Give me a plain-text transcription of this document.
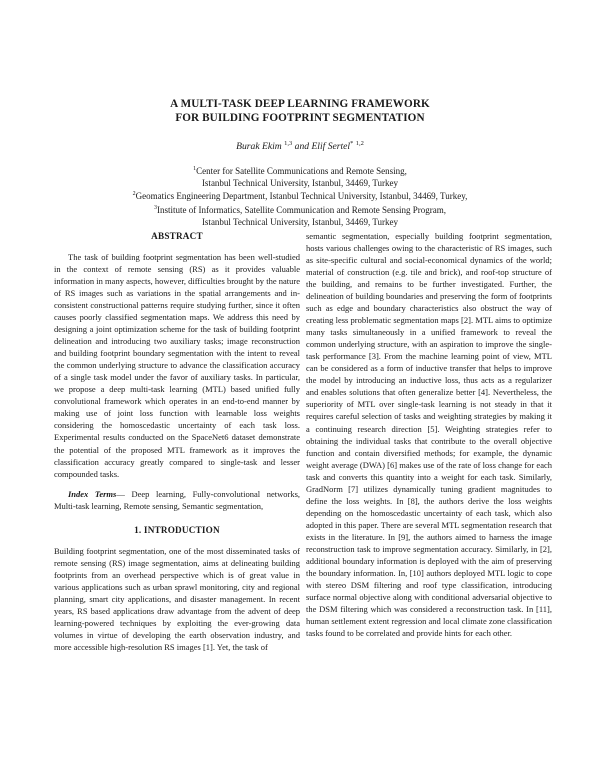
A MULTI-TASK DEEP LEARNING FRAMEWORK
FOR BUILDING FOOTPRINT SEGMENTATION
Burak Ekim $^{1,3}$ and Elif Sertel* $^{1,2}$
$^1$Center for Satellite Communications and Remote Sensing,
Istanbul Technical University, Istanbul, 34469, Turkey
$^2$Geomatics Engineering Department, Istanbul Technical University, Istanbul, 34469, Turkey,
$^3$Institute of Informatics, Satellite Communication and Remote Sensing Program,
Istanbul Technical University, Istanbul, 34469, Turkey
ABSTRACT

The task of building footprint segmentation has been well-studied in the context of remote sensing (RS) as it provides valuable information in many aspects, however, difficulties brought by the nature of RS images such as variations in the spatial arrangements and in-consistent constructional patterns require studying further, since it often causes poorly classified segmentation maps. We address this need by designing a joint optimization scheme for the task of building footprint delineation and introducing two auxiliary tasks; image reconstruction and building footprint boundary segmentation with the intent to reveal the common underlying structure to advance the classification accuracy of a single task model under the favor of auxiliary tasks. In particular, we propose a deep multi-task learning (MTL) based unified fully convolutional framework which operates in an end-to-end manner by making use of joint loss function with learnable loss weights considering the homoscedastic uncertainty of each task loss. Experimental results conducted on the SpaceNet6 dataset demonstrate the potential of the proposed MTL framework as it improves the classification accuracy greatly compared to single-task and lesser compounded tasks.

Index Terms— Deep learning, Fully-convolutional networks, Multi-task learning, Remote sensing, Semantic segmentation,

1. INTRODUCTION

Building footprint segmentation, one of the most disseminated tasks of remote sensing (RS) image segmentation, aims at delineating building footprints from an overhead perspective which is of great value in various applications such as urban sprawl monitoring, city and regional planning, smart city applications, and disaster management. In recent years, RS based applications draw advantage from the advent of deep learning-powered techniques by exploiting the ever-growing data volumes in virtue of developing the earth observation industry, and more accessible high-resolution RS images [1]. Yet, the task of

semantic segmentation, especially building footprint segmentation, hosts various challenges owing to the characteristic of RS images, such as site-specific cultural and social-economical dynamics of the world; material of construction (e.g. tile and brick), and roof-top structure of the building, and remains to be further investigated. Further, the delineation of building boundaries and preserving the form of footprints such as edge and boundary characteristics also obstruct the way of creating less problematic segmentation maps [2]. MTL aims to optimize many tasks simultaneously in a unified framework to reveal the common underlying structure, with an aspiration to improve the single-task performance [3]. From the machine learning point of view, MTL can be considered as a form of inductive transfer that helps to improve the model by introducing an inductive loss, thus acts as a regularizer and enables solutions that often generalize better [4]. Nevertheless, the superiority of MTL over single-task learning is not steady in that it requires careful selection of tasks and weighting strategies by making it a continuing research direction [5]. Weighting strategies refer to obtaining the individual tasks that contribute to the overall objective function and contain diversified methods; for example, the dynamic weight average (DWA) [6] makes use of the rate of loss change for each task and converts this quantity into a weight for each task. Similarly, GradNorm [7] utilizes dynamically tuning gradient magnitudes to define the loss weights. In [8], the authors derive the loss weights depending on the homoscedastic uncertainty of each task, which also adopted in this paper. There are several MTL segmentation research that exists in the literature. In [9], the authors aimed to harness the image reconstruction task to improve segmentation accuracy. Similarly, in [2], additional boundary information is deployed with the aim of preserving the boundary information. In, [10] authors deployed MTL logic to cope with stereo DSM filtering and roof type classification, introducing surface normal objective along with conditional adversarial objective to the DSM filtering which was considered a reconstruction task. In [11], human settlement extent regression and local climate zone classification tasks found to be correlated and provide hints for each other.
